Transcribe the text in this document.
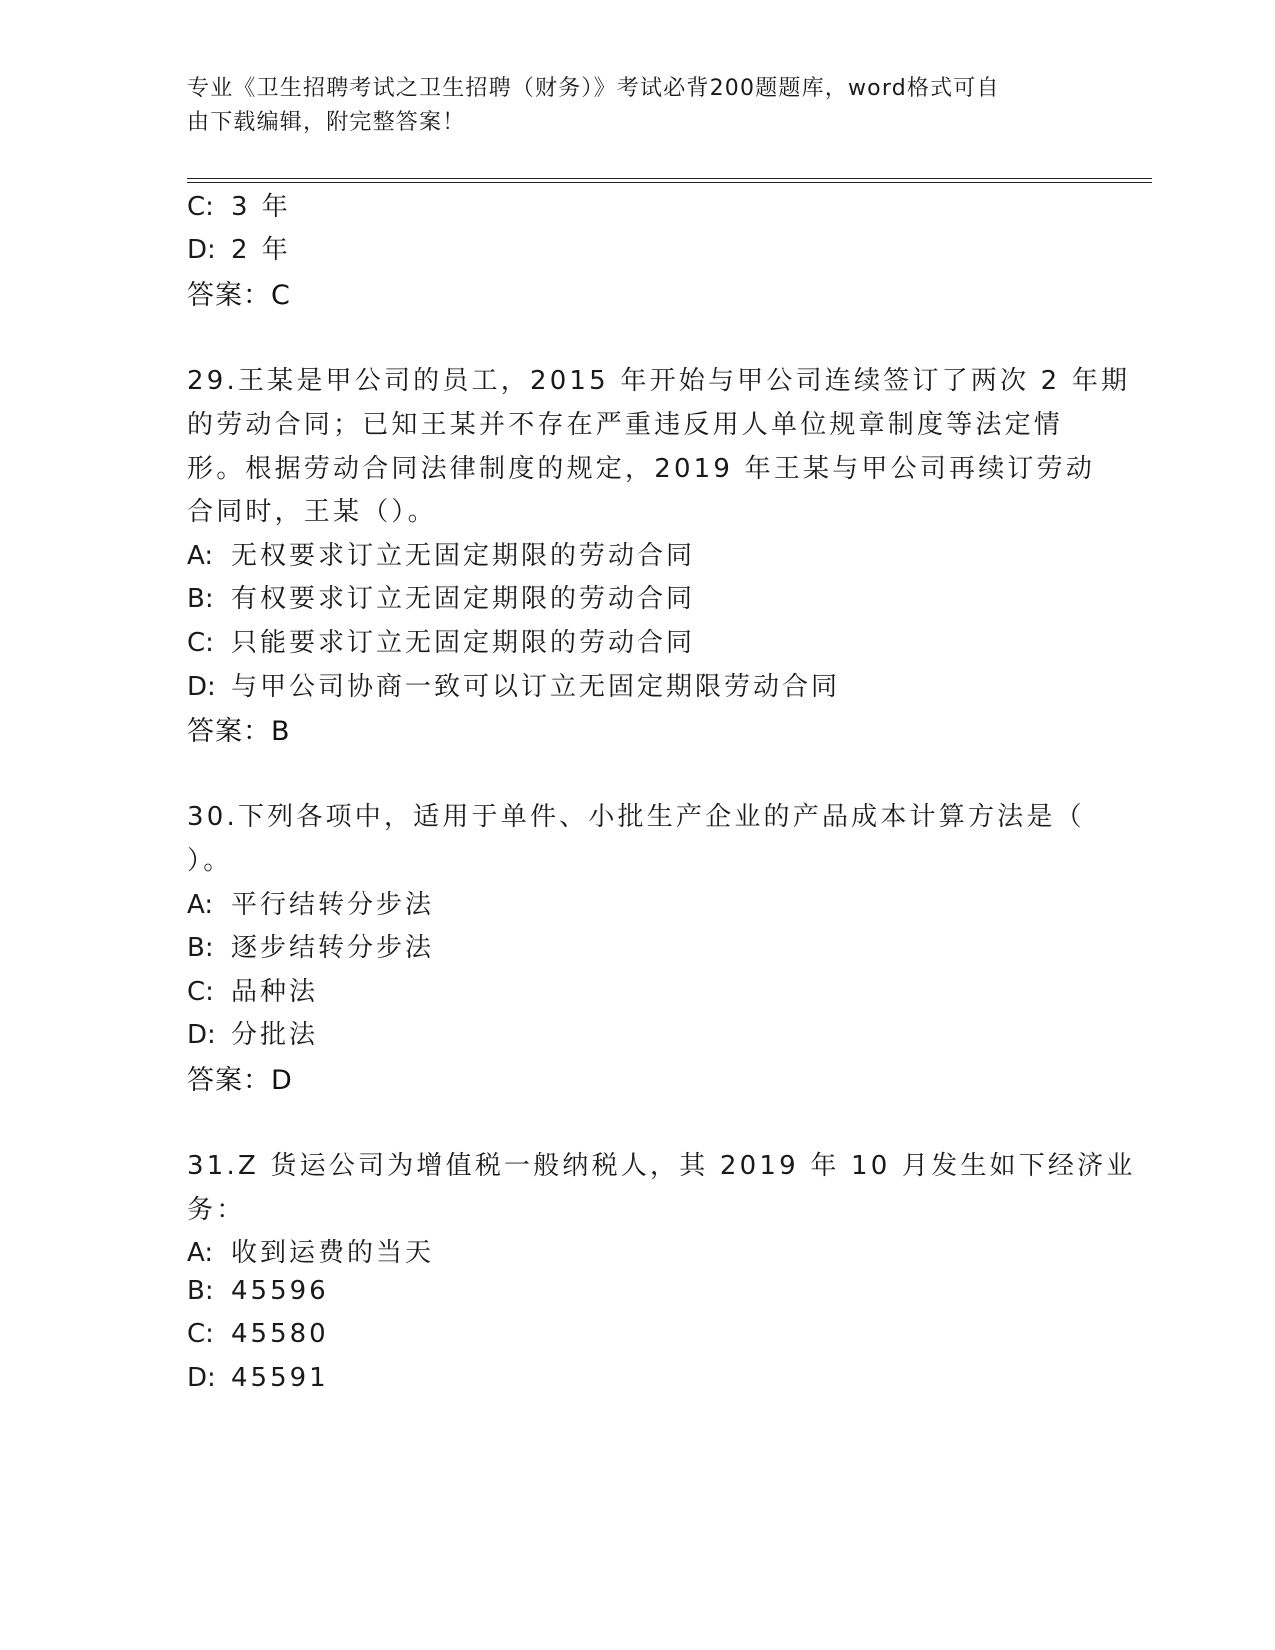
专业《卫生招聘考试之卫生招聘（财务）》考试必背200题题库，word格式可自
由下载编辑，附完整答案！
C: 3 年
D: 2 年
答案：C
29.王某是甲公司的员工，2015 年开始与甲公司连续签订了两次 2 年期
的劳动合同；已知王某并不存在严重违反用人单位规章制度等法定情
形。根据劳动合同法律制度的规定，2019 年王某与甲公司再续订劳动
合同时，王某（）。
A: 无权要求订立无固定期限的劳动合同
B: 有权要求订立无固定期限的劳动合同
C: 只能要求订立无固定期限的劳动合同
D: 与甲公司协商一致可以订立无固定期限劳动合同
答案：B
30.下列各项中，适用于单件、小批生产企业的产品成本计算方法是（
）。
A: 平行结转分步法
B: 逐步结转分步法
C: 品种法
D: 分批法
答案：D
31.Z 货运公司为增值税一般纳税人，其 2019 年 10 月发生如下经济业
务：
A: 收到运费的当天
B: 45596
C: 45580
D: 45591
